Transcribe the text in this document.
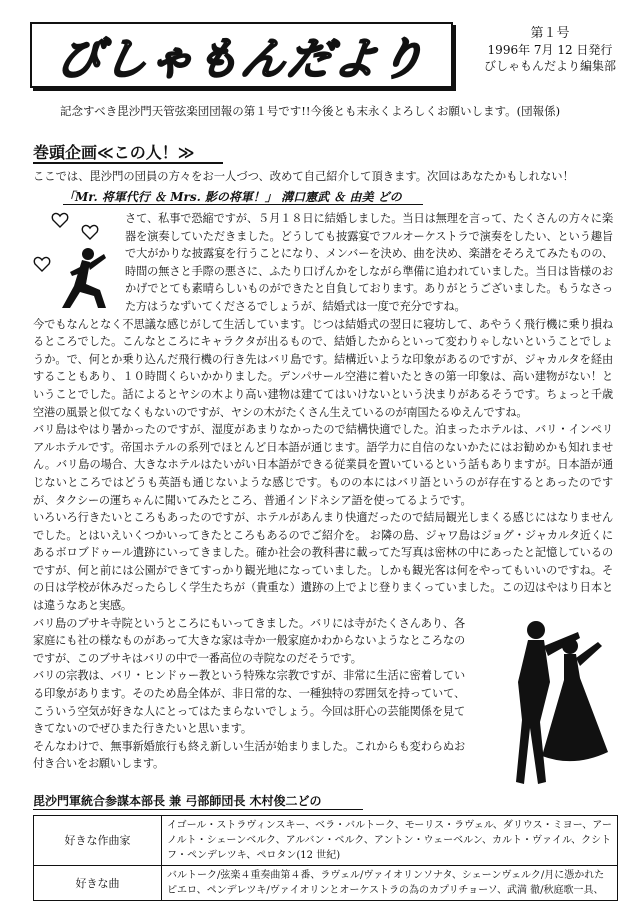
びしゃもんだより
第１号
1996年 7月 12 日発行
びしゃもんだより編集部
記念すべき毘沙門天管弦楽団団報の第１号です!!今後とも末永くよろしくお願いします。(団報係)
巻頭企画≪この人！≫
ここでは、毘沙門の団員の方々をお一人づつ、改めて自己紹介して頂きます。次回はあなたかもしれない！
「Mr. 将軍代行 ＆ Mrs. 影の将軍！」 溝口憲武 ＆ 由美 どの

さて、私事で恐縮ですが、５月１８日に結婚しました。当日は無理を言って、たくさんの方々に楽器を演奏していただきました。どうしても披露宴でフルオーケストラで演奏をしたい、という趣旨で大がかりな披露宴を行うことになり、メンバーを決め、曲を決め、楽譜をそろえてみたものの、時間の無さと手際の悪さに、ふたり口げんかをしながら準備に追われていました。当日は皆様のおかげでとても素晴らしいものができたと自負しております。ありがとうございました。もうなさった方はうなずいてくださるでしょうが、結婚式は一度で充分ですね。

今でもなんとなく不思議な感じがして生活しています。じつは結婚式の翌日に寝坊して、あやうく飛行機に乗り損ねるところでした。こんなところにキャラクタが出るもので、結婚したからといって変わりゃしないということでしょうか。で、何とか乗り込んだ飛行機の行き先はバリ島です。結構近いような印象があるのですが、ジャカルタを経由することもあり、１０時間くらいかかりました。デンパサール空港に着いたときの第一印象は、高い建物がない！ということでした。話によるとヤシの木より高い建物は建ててはいけないという決まりがあるそうです。ちょっと千歳空港の風景と似てなくもないのですが、ヤシの木がたくさん生えているのが南国たるゆえんですね。

バリ島はやはり暑かったのですが、湿度があまりなかったので結構快適でした。泊まったホテルは、バリ・インペリアルホテルです。帝国ホテルの系列でほとんど日本語が通じます。語学力に自信のないかたにはお勧めかも知れません。バリ島の場合、大きなホテルはたいがい日本語ができる従業員を置いているという話もありますが。日本語が通じないところではどうも英語も通じないような感じです。ものの本にはバリ語というのが存在するとあったのですが、タクシーの運ちゃんに聞いてみたところ、普通インドネシア語を使ってるようです。

いろいろ行きたいところもあったのですが、ホテルがあんまり快適だったので結局観光しまくる感じにはなりませんでした。とはいえいくつかいってきたところもあるのでご紹介を。 お隣の島、ジャワ島はジョグ・ジャカルタ近くにあるボロブドゥール遺跡にいってきました。確か社会の教科書に載ってた写真は密林の中にあったと記憶しているのですが、何と前には公園ができてすっかり観光地になっていました。しかも観光客は何をやってもいいのですね。その日は学校が休みだったらしく学生たちが（貴重な）遺跡の上でよじ登りまくっていました。この辺はやはり日本とは違うなあと実感。

バリ島のブサキ寺院というところにもいってきました。バリには寺がたくさんあり、各家庭にも社の様なものがあって大きな家は寺か一般家庭かわからないようなところなのですが、このブサキはバリの中で一番高位の寺院なのだそうです。

バリの宗教は、バリ・ヒンドゥー教という特殊な宗教ですが、非常に生活に密着している印象があります。そのため島全体が、非日常的な、一種独特の雰囲気を持っていて、こういう空気が好きな人にとってはたまらないでしょう。今回は肝心の芸能関係を見てきてないのでぜひまた行きたいと思います。

そんなわけで、無事新婚旅行も終え新しい生活が始まりました。これからも変わらぬお付き合いをお願いします。

毘沙門軍統合参謀本部長 兼 弓部師団長 木村俊二どの
好きな作曲家	イゴール・ストラヴィンスキー、ベラ・バルトーク、モーリス・ラヴェル、ダリウス・ミヨー、アーノルト・シェーンベルク、アルバン・ベルク、アントン・ウェーベルン、カルト・ヴァイル、クシトフ・ペンデレツキ、ペロタン(12 世紀)
好きな曲	バルトーク/弦楽４重奏曲第４番、ラヴェル/ヴァイオリンソナタ、シェーンヴェルク/月に憑かれたピエロ、ペンデレツキ/ヴァイオリンとオーケストラの為のカプリチョーソ、武満 徹/秋庭歌一具、
